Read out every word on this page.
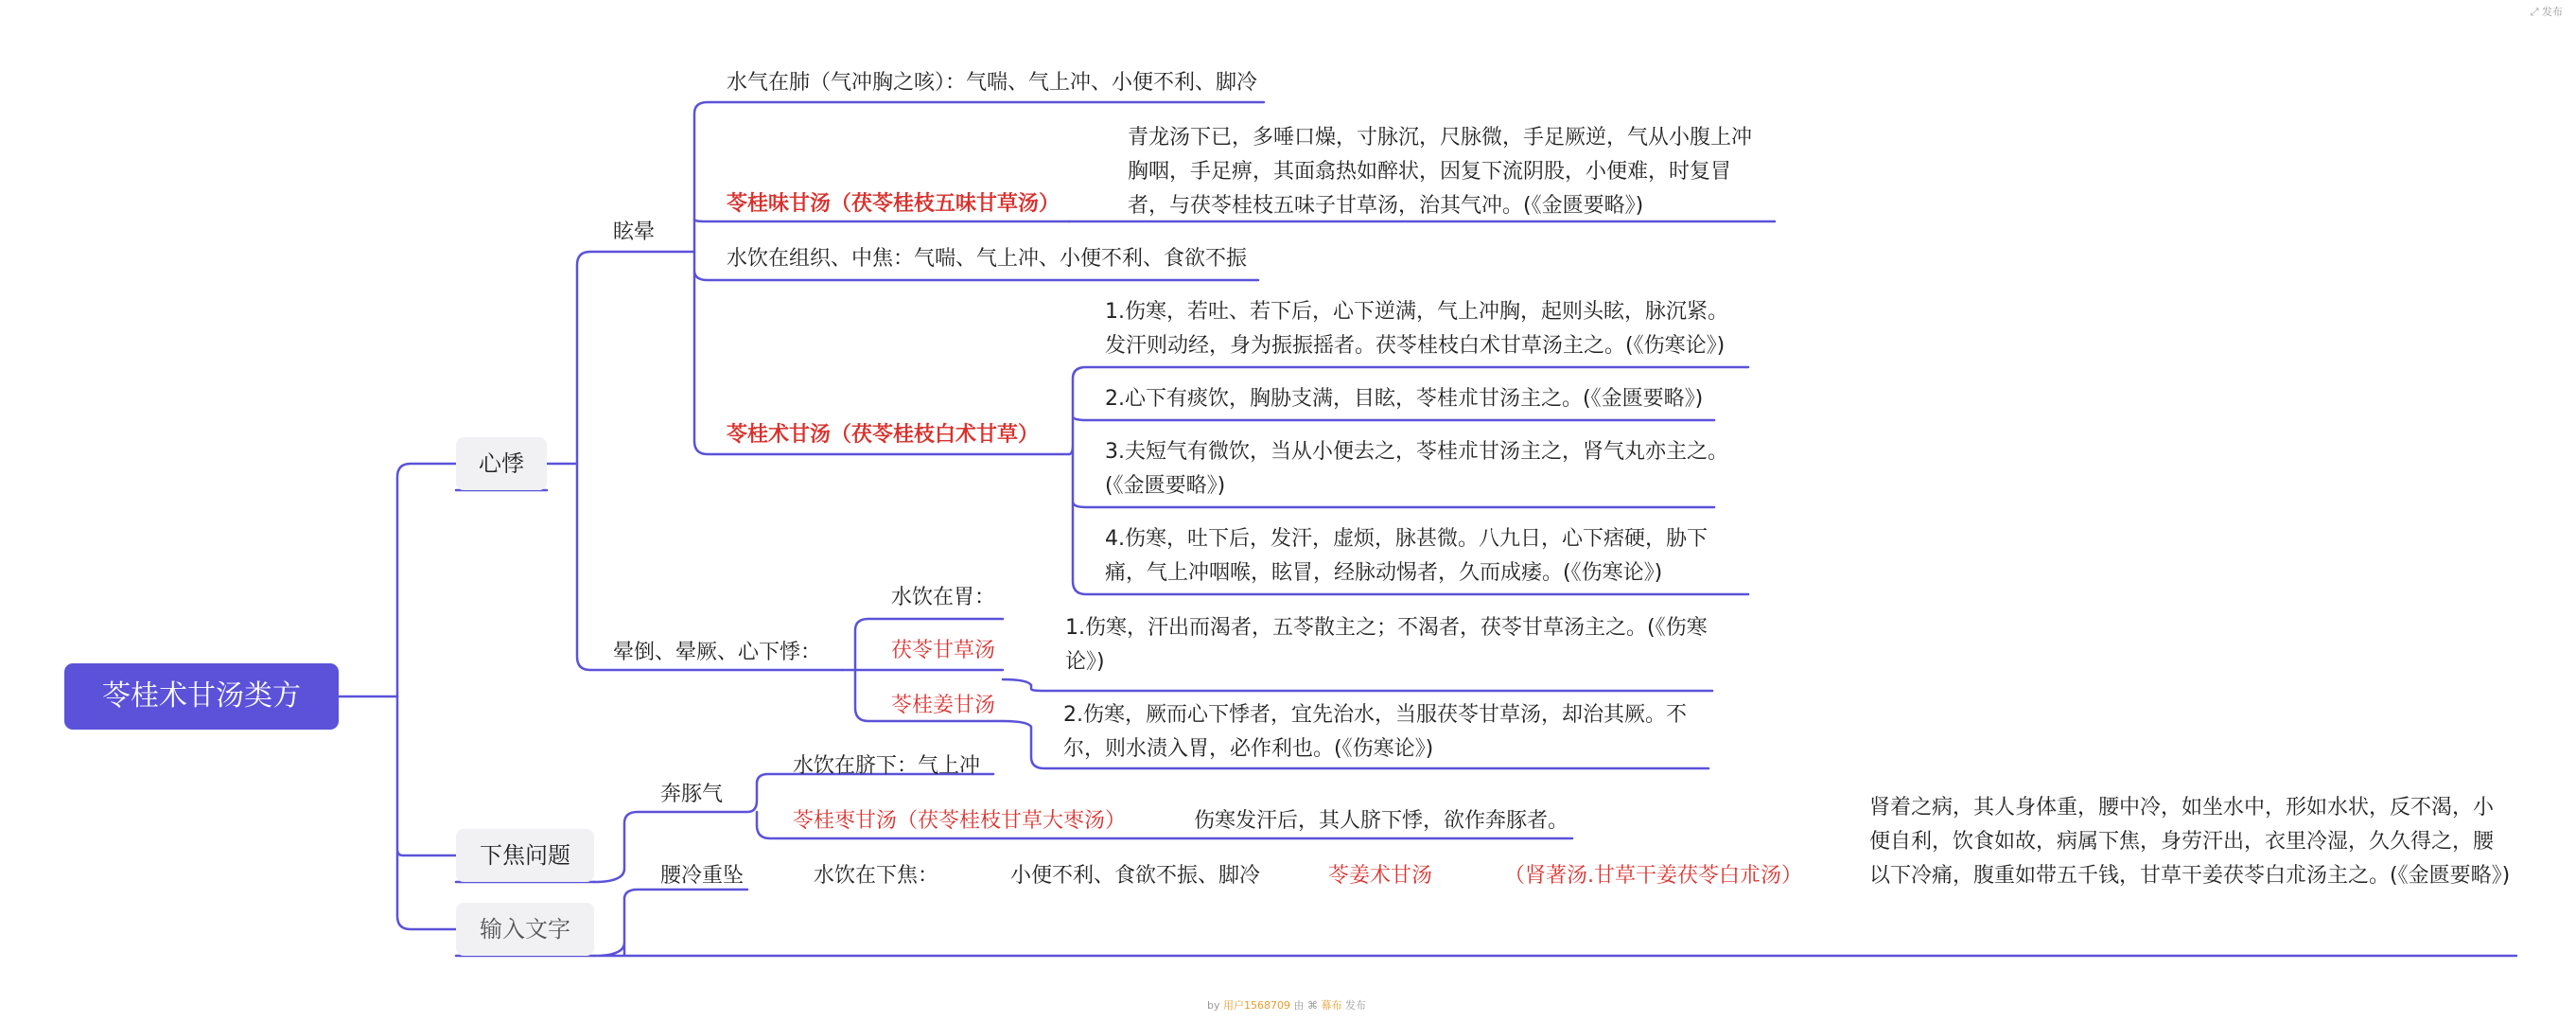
苓桂术甘汤类方
心悸
下焦问题
输入文字
眩晕
晕倒、晕厥、心下悸：
奔豚气
腰冷重坠
水气在肺（气冲胸之咳）：气喘、气上冲、小便不利、脚冷
苓桂味甘汤（茯苓桂枝五味甘草汤）
青龙汤下已，多唾口燥，寸脉沉，尺脉微，手足厥逆，气从小腹上冲胸咽，手足痹，其面翕热如醉状，因复下流阴股，小便难，时复冒者，与茯苓桂枝五味子甘草汤，治其气冲。(《金匮要略》)
水饮在组织、中焦：气喘、气上冲、小便不利、食欲不振
苓桂术甘汤（茯苓桂枝白术甘草）
1.伤寒，若吐、若下后，心下逆满，气上冲胸，起则头眩，脉沉紧。发汗则动经，身为振振摇者。茯苓桂枝白术甘草汤主之。(《伤寒论》)
2.心下有痰饮，胸胁支满，目眩，苓桂朮甘汤主之。(《金匮要略》)
3.夫短气有微饮，当从小便去之，苓桂朮甘汤主之，肾气丸亦主之。(《金匮要略》)
4.伤寒，吐下后，发汗，虚烦，脉甚微。八九日，心下痞硬，胁下痛，气上冲咽喉，眩冒，经脉动惕者，久而成痿。(《伤寒论》)
水饮在胃：
茯苓甘草汤
1.伤寒，汗出而渴者，五苓散主之；不渴者，茯苓甘草汤主之。(《伤寒论》)
苓桂姜甘汤	2.伤寒，厥而心下悸者，宜先治水，当服茯苓甘草汤，却治其厥。不尔，则水渍入胃，必作利也。(《伤寒论》)
水饮在脐下：气上冲
苓桂枣甘汤（茯苓桂枝甘草大枣汤）	伤寒发汗后，其人脐下悸，欲作奔豚者。
水饮在下焦：	小便不利、食欲不振、脚冷	苓姜术甘汤	（肾著汤.甘草干姜茯苓白朮汤）
肾着之病，其人身体重，腰中冷，如坐水中，形如水状，反不渴，小便自利，饮食如故，病属下焦，身劳汗出，衣里冷湿，久久得之，腰以下冷痛，腹重如带五千钱，甘草干姜茯苓白朮汤主之。(《金匮要略》)
by 用户1568709 由 ⌘ 幕布 发布
⤢ 发布
